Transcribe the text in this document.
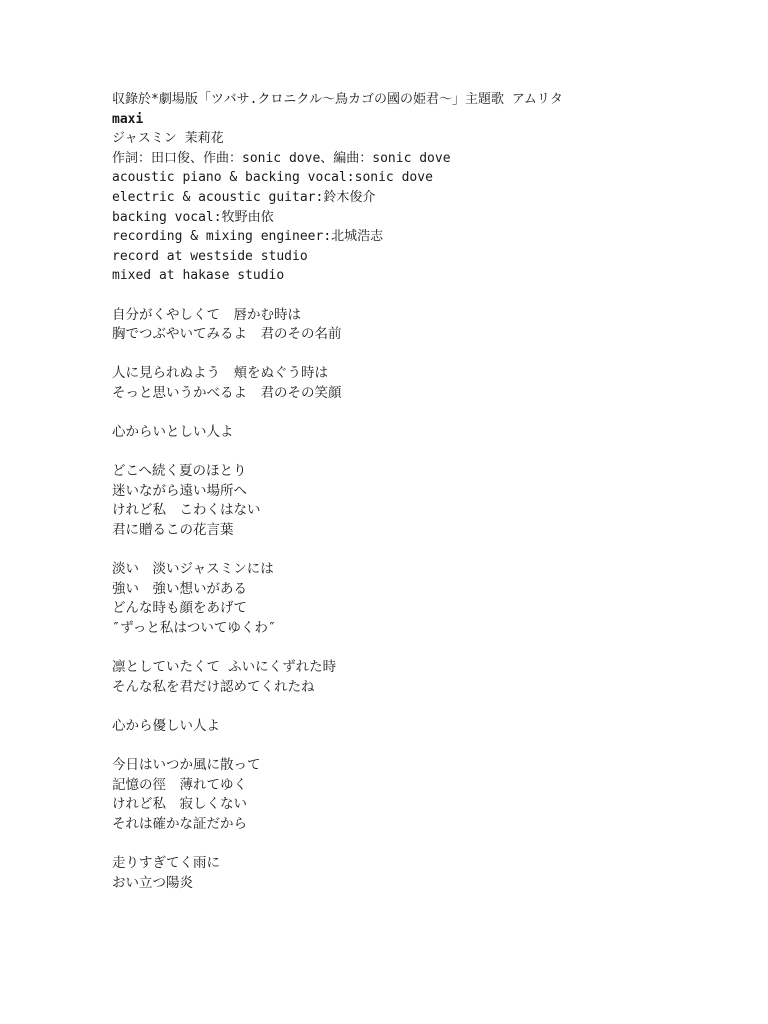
収錄於*劇場版「ツバサ.クロニクル～鳥カゴの國の姫君～」主題歌 アムリタ
maxi
ジャスミン 茉莉花
作詞：田口俊、作曲：sonic dove、編曲：sonic dove
acoustic piano & backing vocal:sonic dove
electric & acoustic guitar:鈴木俊介
backing vocal:牧野由依
recording & mixing engineer:北城浩志
record at westside studio
mixed at hakase studio
自分がくやしくて　唇かむ時は
胸でつぶやいてみるよ　君のその名前
人に見られぬよう　頬をぬぐう時は
そっと思いうかべるよ　君のその笑顔
心からいとしい人よ
どこへ続く夏のほとり
迷いながら遠い場所へ
けれど私　こわくはない
君に贈るこの花言葉
淡い　淡いジャスミンには
強い　強い想いがある
どんな時も顔をあげて
″ずっと私はついてゆくわ″
凛としていたくて ふいにくずれた時
そんな私を君だけ認めてくれたね
心から優しい人よ
今日はいつか風に散って
記憶の徑　薄れてゆく
けれど私　寂しくない
それは確かな証だから
走りすぎてく雨に
おい立つ陽炎
